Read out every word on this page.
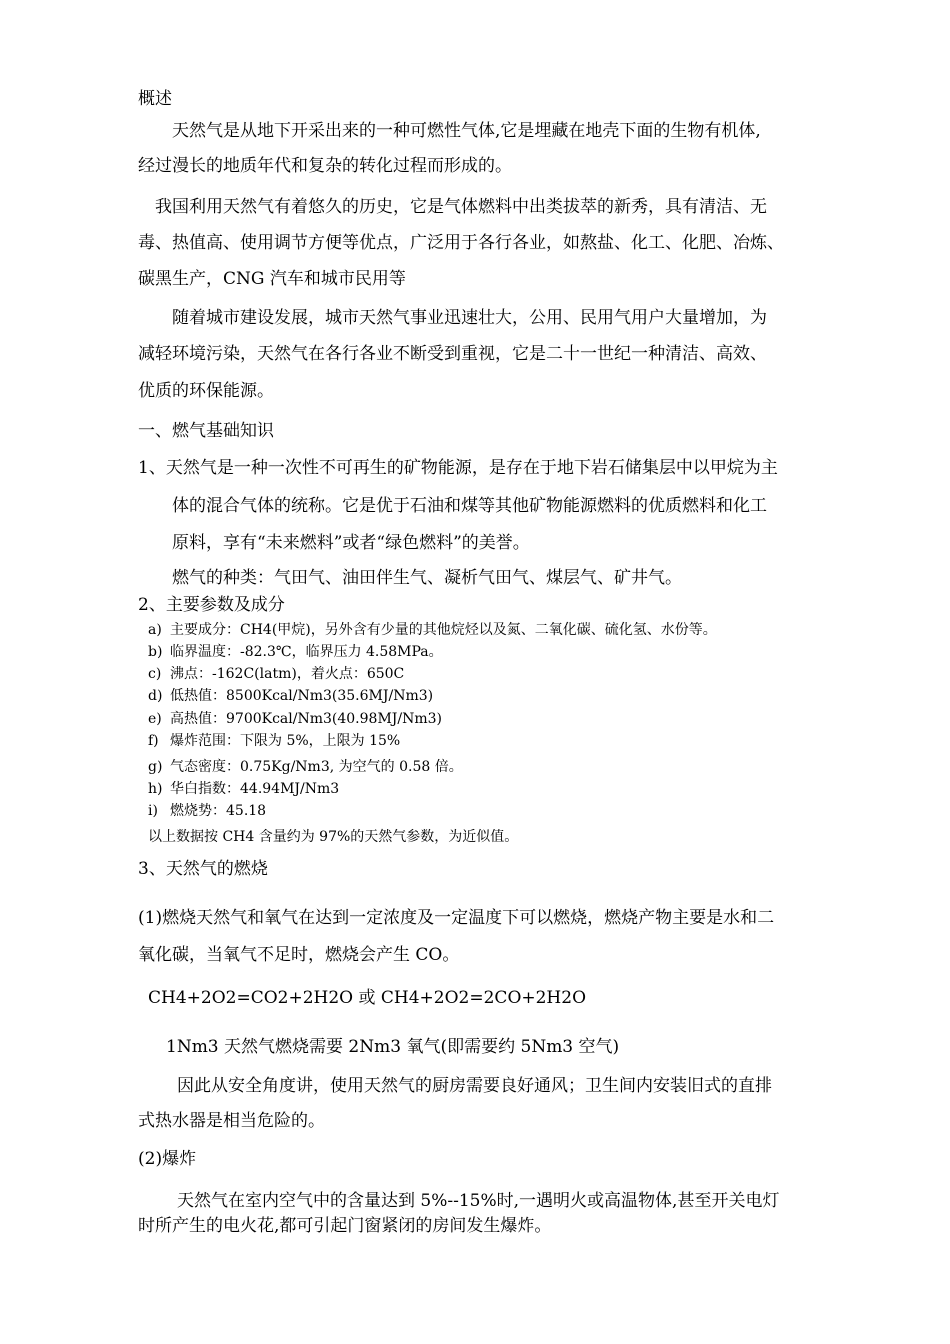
概述
天然气是从地下开采出来的一种可燃性气体,它是埋藏在地壳下面的生物有机体,
经过漫长的地质年代和复杂的转化过程而形成的。
我国利用天然气有着悠久的历史，它是气体燃料中出类拔萃的新秀，具有清洁、无
毒、热值高、使用调节方便等优点，广泛用于各行各业，如熬盐、化工、化肥、冶炼、
碳黑生产，CNG 汽车和城市民用等
随着城市建设发展，城市天然气事业迅速壮大，公用、民用气用户大量增加，为
减轻环境污染，天然气在各行各业不断受到重视，它是二十一世纪一种清洁、高效、
优质的环保能源。
一、燃气基础知识
1、天然气是一种一次性不可再生的矿物能源，是存在于地下岩石储集层中以甲烷为主
体的混合气体的统称。它是优于石油和煤等其他矿物能源燃料的优质燃料和化工
原料，享有“未来燃料”或者“绿色燃料”的美誉。
燃气的种类：气田气、油田伴生气、凝析气田气、煤层气、矿井气。
2、主要参数及成分
a) 主要成分：CH4(甲烷)，另外含有少量的其他烷烃以及氮、二氧化碳、硫化氢、水份等。
b) 临界温度：-82.3℃，临界压力 4.58MPa。
c) 沸点：-162C(latm)，着火点：650C
d) 低热值：8500Kcal/Nm3(35.6MJ/Nm3)
e) 高热值：9700Kcal/Nm3(40.98MJ/Nm3)
f) 爆炸范围：下限为 5%，上限为 15%
g) 气态密度：0.75Kg/Nm3, 为空气的 0.58 倍。
h) 华白指数：44.94MJ/Nm3
i) 燃烧势：45.18
以上数据按 CH4 含量约为 97%的天然气参数，为近似值。
3、天然气的燃烧
(1)燃烧天然气和氧气在达到一定浓度及一定温度下可以燃烧，燃烧产物主要是水和二
氧化碳，当氧气不足时，燃烧会产生 CO。
CH4+2O2=CO2+2H2O 或 CH4+2O2=2CO+2H2O
1Nm3 天然气燃烧需要 2Nm3 氧气(即需要约 5Nm3 空气)
因此从安全角度讲，使用天然气的厨房需要良好通风；卫生间内安装旧式的直排
式热水器是相当危险的。
(2)爆炸
天然气在室内空气中的含量达到 5%--15%时,一遇明火或高温物体,甚至开关电灯
时所产生的电火花,都可引起门窗紧闭的房间发生爆炸。
